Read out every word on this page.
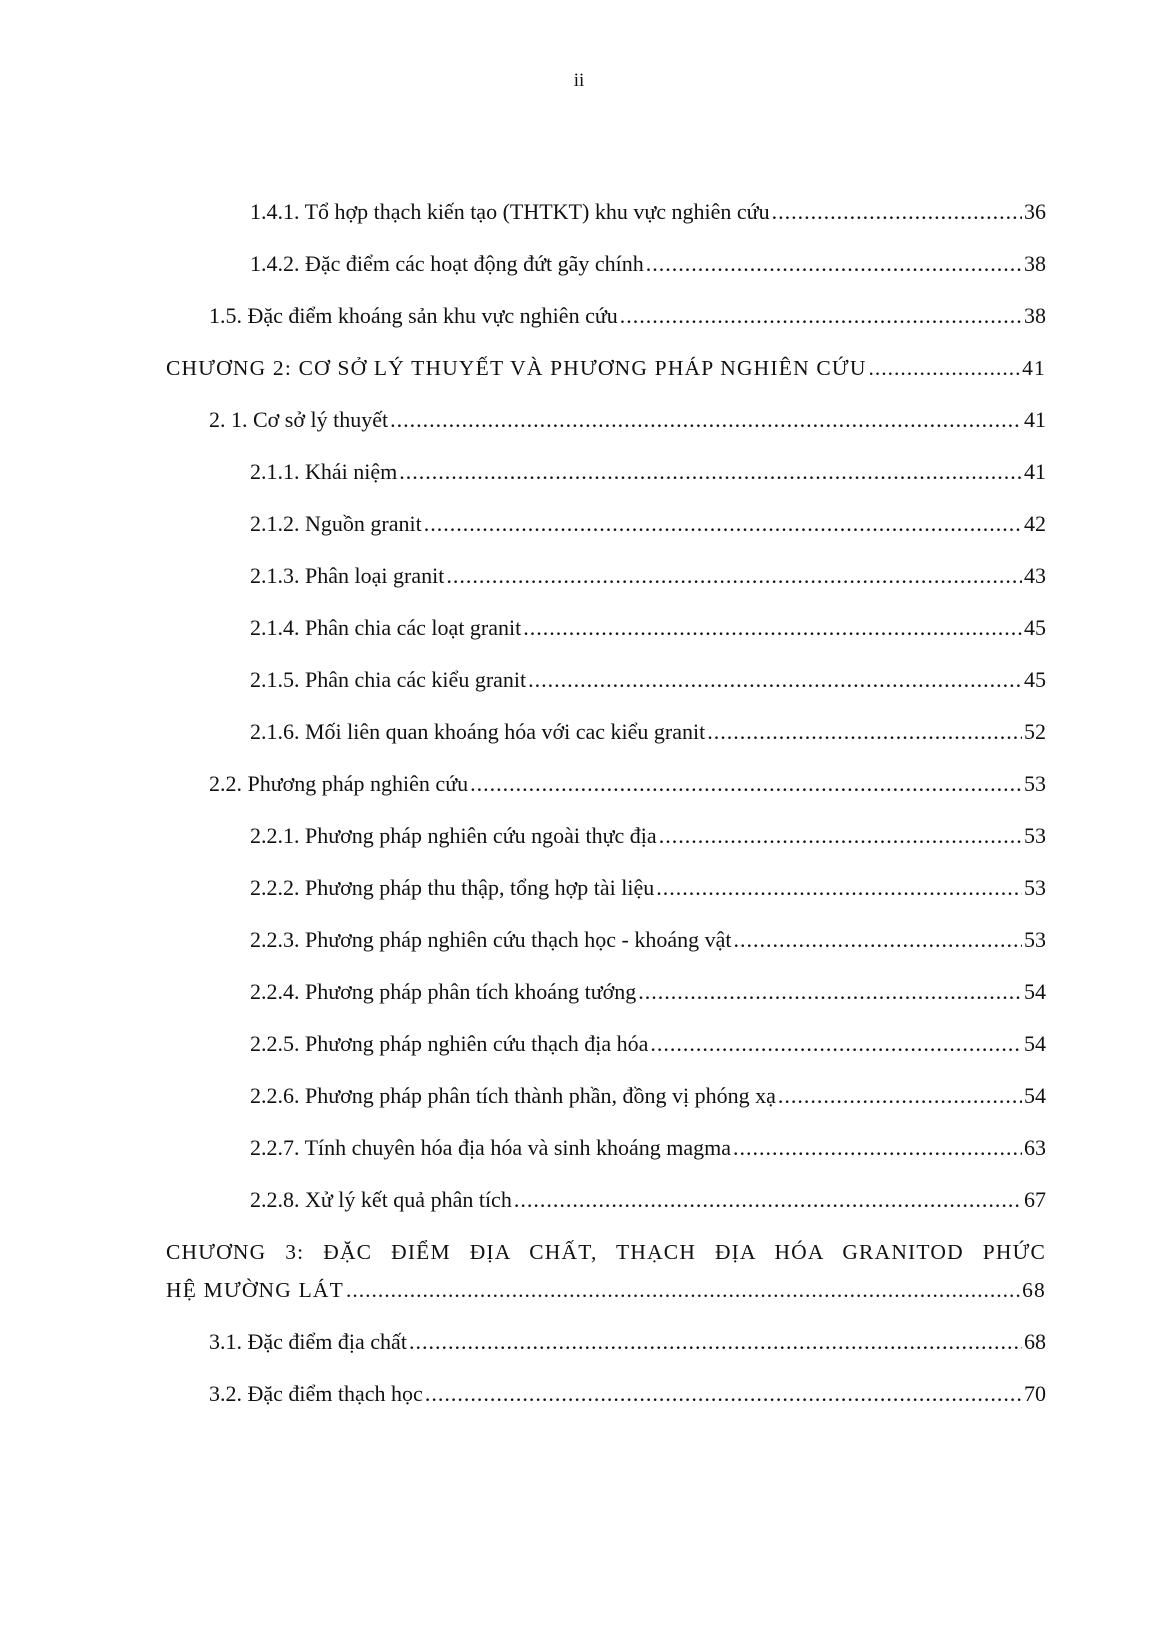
ii
1.4.1. Tổ hợp thạch kiến tạo (THTKT) khu vực nghiên cứu .....	36
1.4.2. Đặc điểm các hoạt động đứt gãy chính .....	38
1.5. Đặc điểm khoáng sản khu vực nghiên cứu .....	38
CHƯƠNG 2: CƠ SỞ LÝ THUYẾT VÀ PHƯƠNG PHÁP NGHIÊN CỨU .....	41
2. 1. Cơ sở lý thuyết .....	41
2.1.1. Khái niệm .....	41
2.1.2. Nguồn granit .....	42
2.1.3. Phân loại granit .....	43
2.1.4. Phân chia các loạt granit .....	45
2.1.5. Phân chia các kiểu granit .....	45
2.1.6. Mối liên quan khoáng hóa với cac kiểu granit .....	52
2.2. Phương pháp nghiên cứu .....	53
2.2.1. Phương pháp nghiên cứu ngoài thực địa .....	53
2.2.2. Phương pháp thu thập, tổng hợp tài liệu .....	53
2.2.3. Phương pháp nghiên cứu thạch học - khoáng vật .....	53
2.2.4. Phương pháp phân tích khoáng tướng .....	54
2.2.5. Phương pháp nghiên cứu thạch địa hóa .....	54
2.2.6. Phương pháp phân tích thành phần, đồng vị phóng xạ .....	54
2.2.7. Tính chuyên hóa địa hóa và sinh khoáng magma .....	63
2.2.8. Xử lý kết quả phân tích .....	67
CHƯƠNG 3: ĐẶC ĐIỂM ĐỊA CHẤT, THẠCH ĐỊA HÓA GRANITOD PHỨC
HỆ MƯỜNG LÁT .....	68
3.1. Đặc điểm địa chất .....	68
3.2. Đặc điểm thạch học .....	70
